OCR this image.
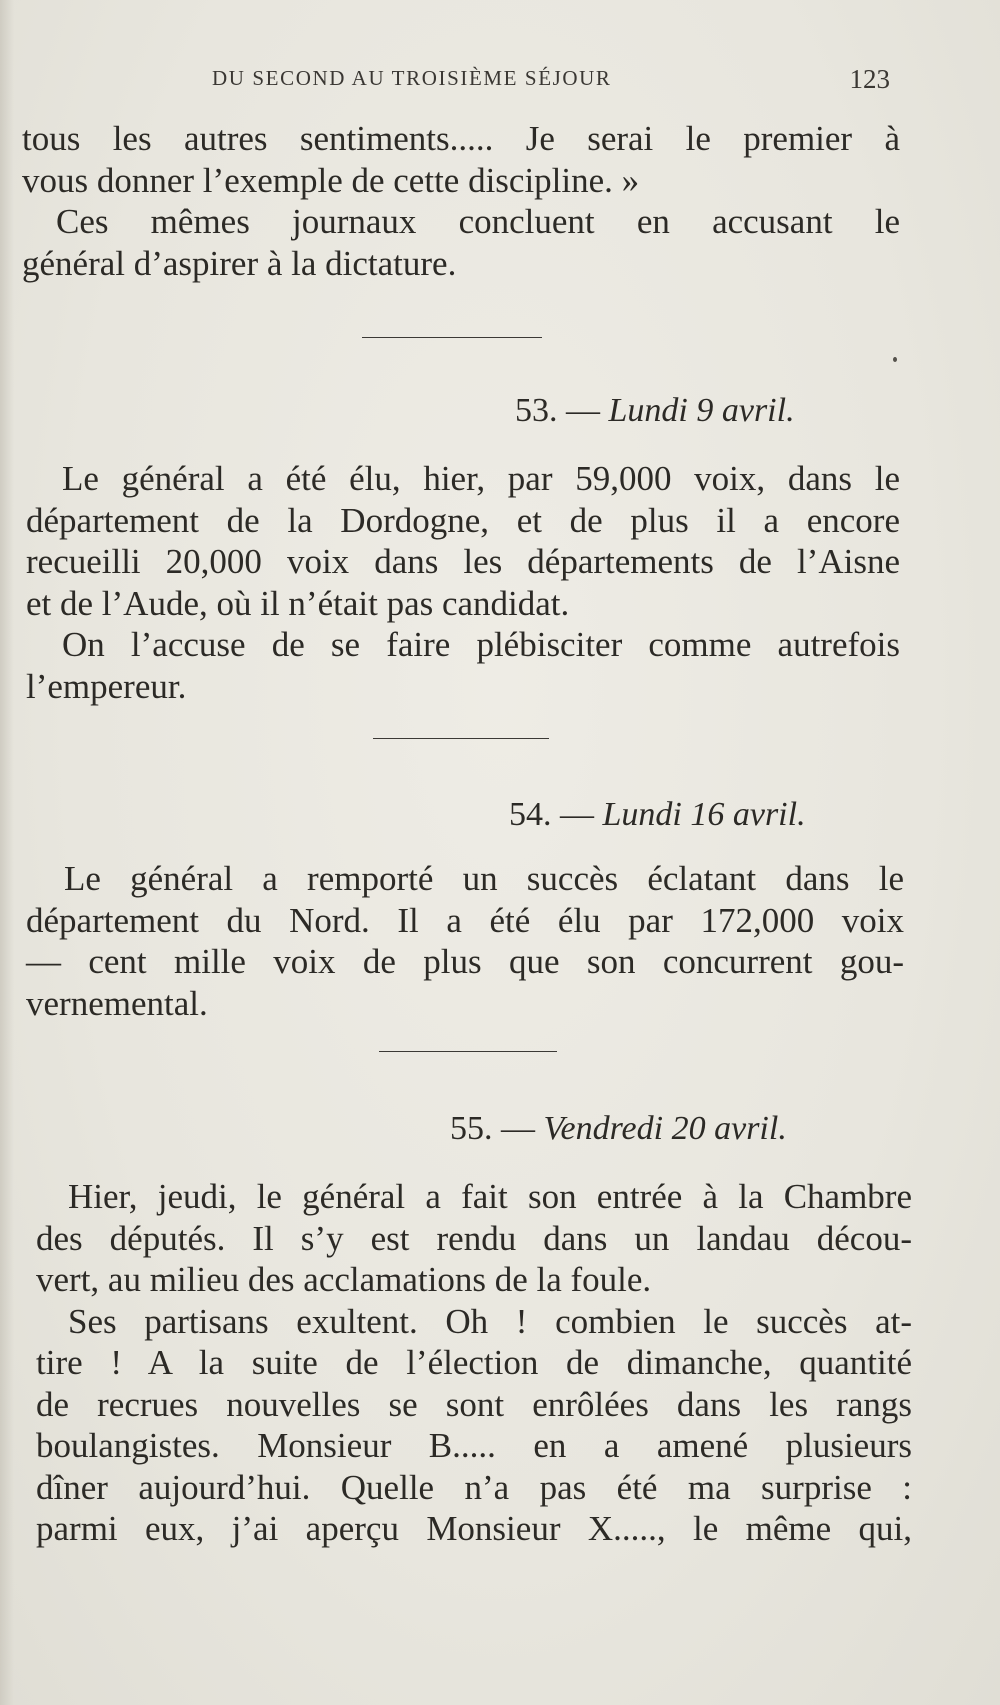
DU SECOND AU TROISIÈME SÉJOUR	123
tous les autres sentiments..... Je serai le premier à
vous donner l’exemple de cette discipline. »
Ces mêmes journaux concluent en accusant le
général d’aspirer à la dictature.
53. — Lundi 9 avril.
Le général a été élu, hier, par 59,000 voix, dans le
département de la Dordogne, et de plus il a encore
recueilli 20,000 voix dans les départements de l’Aisne
et de l’Aude, où il n’était pas candidat.
On l’accuse de se faire plébisciter comme autrefois
l’empereur.
54. — Lundi 16 avril.
Le général a remporté un succès éclatant dans le
département du Nord. Il a été élu par 172,000 voix
— cent mille voix de plus que son concurrent gou-
vernemental.
55. — Vendredi 20 avril.
Hier, jeudi, le général a fait son entrée à la Chambre
des députés. Il s’y est rendu dans un landau décou-
vert, au milieu des acclamations de la foule.
Ses partisans exultent. Oh ! combien le succès at-
tire ! A la suite de l’élection de dimanche, quantité
de recrues nouvelles se sont enrôlées dans les rangs
boulangistes. Monsieur B..... en a amené plusieurs
dîner aujourd’hui. Quelle n’a pas été ma surprise :
parmi eux, j’ai aperçu Monsieur X....., le même qui,
